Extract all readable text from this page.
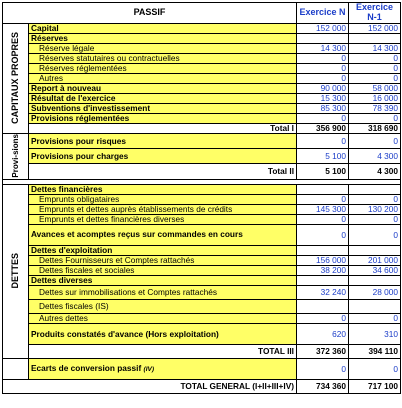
PASSIF		Exercice N	Exercice N-1
CAPITAUX PROPRES	Capital	152 000	152 000
	Réserves		
	Réserve légale	14 300	14 300
	Réserves statutaires ou contractuelles	0	0
	Réserves réglementées	0	0
	Autres	0	0
	Report à nouveau	90 000	58 000
	Résultat de l'exercice	15 300	16 000
	Subventions d'investissement	85 300	78 390
	Provisions réglementées	0	0
	Total I	356 900	318 690
Provi-sions	Provisions pour risques	0	0
	Provisions pour charges	5 100	4 300
	Total II	5 100	4 300

DETTES	Dettes financières		
	Emprunts obligataires	0	0
	Emprunts et dettes auprès établissements de crédits	145 300	130 200
	Emprunts et dettes financières diverses	0	0
	Avances et acomptes reçus sur commandes en cours	0	0
	Dettes d'exploitation		
	Dettes Fournisseurs et Comptes rattachés	156 000	201 000
	Dettes fiscales et sociales	38 200	34 600
	Dettes diverses		
	Dettes sur immobilisations et Comptes rattachés	32 240	28 000
	Dettes fiscales (IS)		
	Autres dettes	0	0
	Produits constatés d'avance (Hors exploitation)	620	310
	TOTAL III	372 360	394 110
	Ecarts de conversion passif (IV)	0	0
TOTAL GENERAL (I+II+III+IV)		734 360	717 100
